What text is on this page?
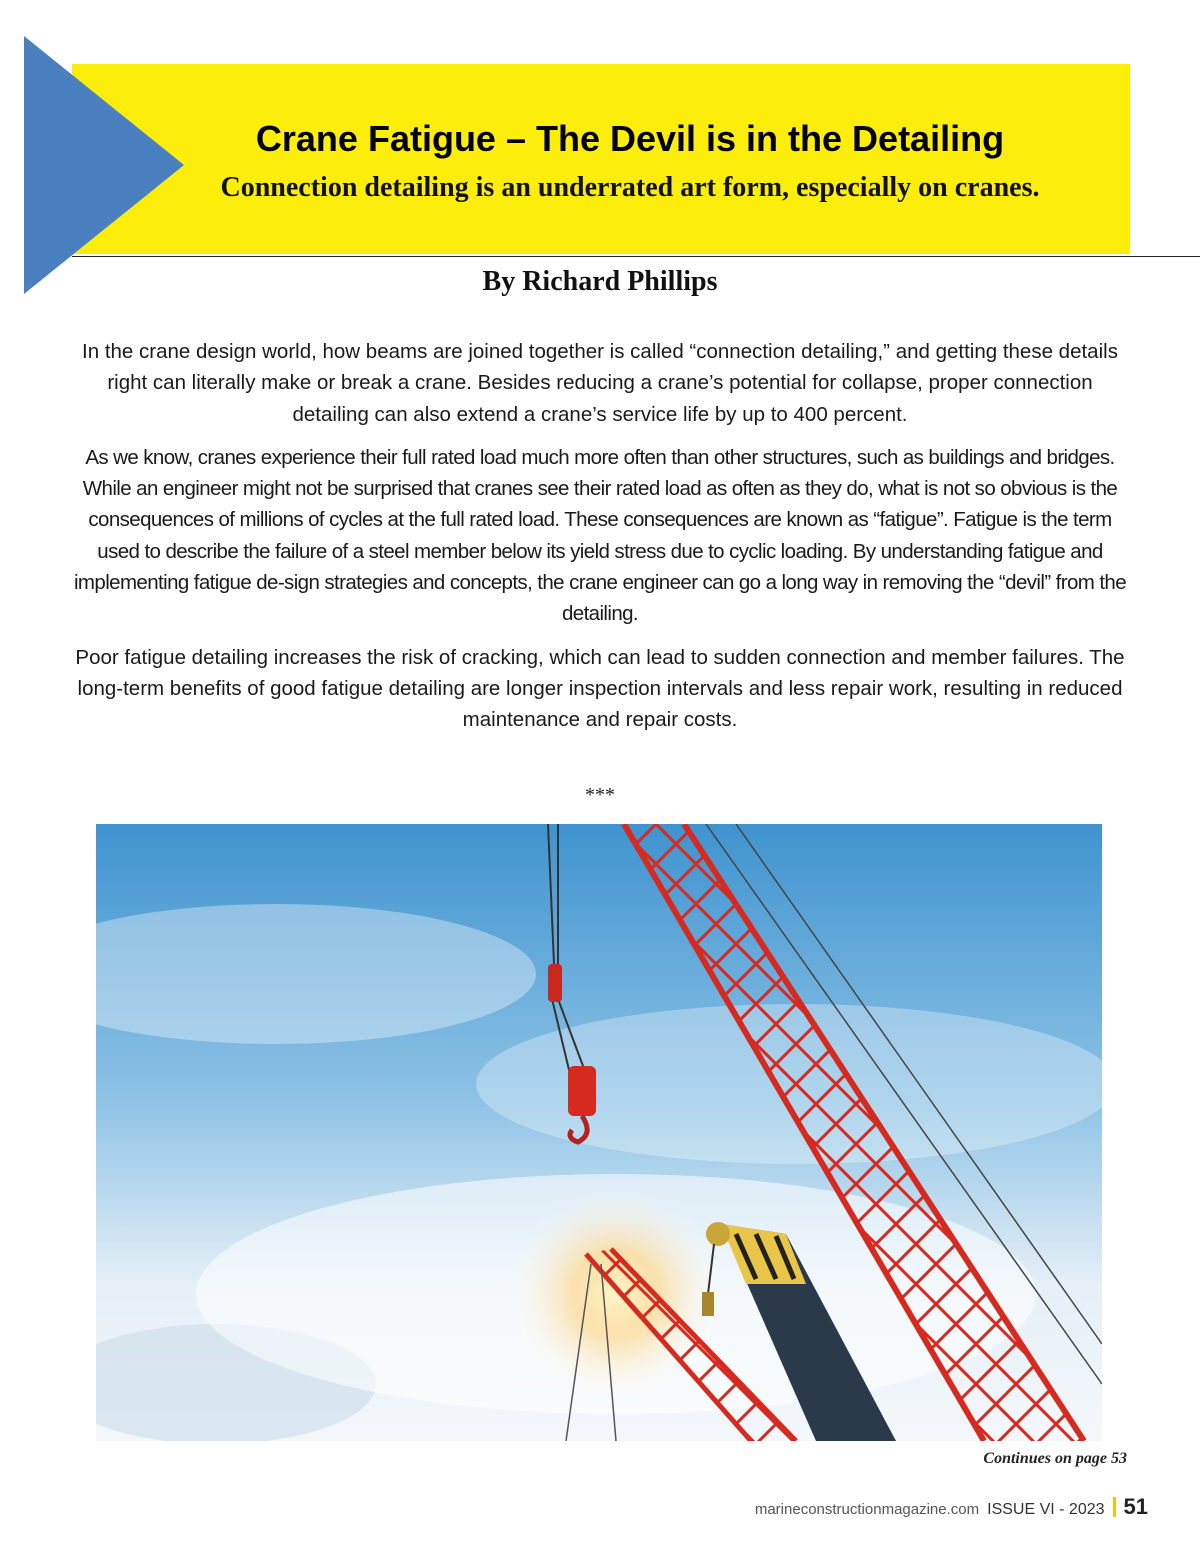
Crane Fatigue – The Devil is in the Detailing
Connection detailing is an underrated art form, especially on cranes.
By Richard Phillips

In the crane design world, how beams are joined together is called “connection detailing,” and getting these details right can literally make or break a crane. Besides reducing a crane’s potential for collapse, proper connection detailing can also extend a crane’s service life by up to 400 percent.

As we know, cranes experience their full rated load much more often than other structures, such as buildings and bridges. While an engineer might not be surprised that cranes see their rated load as often as they do, what is not so obvious is the consequences of millions of cycles at the full rated load. These consequences are known as “fatigue”. Fatigue is the term used to describe the failure of a steel member below its yield stress due to cyclic loading. By understanding fatigue and implementing fatigue de-sign strategies and concepts, the crane engineer can go a long way in removing the “devil” from the detailing.

Poor fatigue detailing increases the risk of cracking, which can lead to sudden connection and member failures. The long-term benefits of good fatigue detailing are longer inspection intervals and less repair work, resulting in reduced maintenance and repair costs.

***
Continues on page 53
marineconstructionmagazine.com ISSUE VI - 2023 51
